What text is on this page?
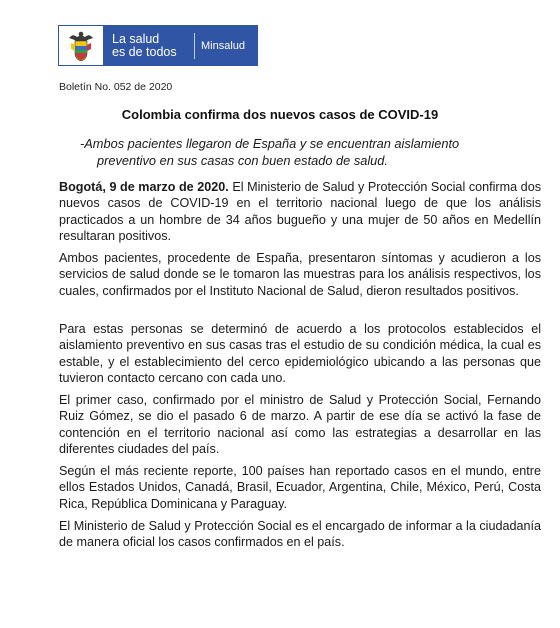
La salud
es de todos	Minsalud
Boletín No. 052 de 2020
Colombia confirma dos nuevos casos de COVID-19
-Ambos pacientes llegaron de España y se encuentran aislamiento
preventivo en sus casas con buen estado de salud.
Bogotá, 9 de marzo de 2020. El Ministerio de Salud y Protección Social confirma dos nuevos casos de COVID-19 en el territorio nacional luego de que los análisis practicados a un hombre de 34 años bugueño y una mujer de 50 años en Medellín resultaran positivos.
Ambos pacientes, procedente de España, presentaron síntomas y acudieron a los servicios de salud donde se le tomaron las muestras para los análisis respectivos, los cuales, confirmados por el Instituto Nacional de Salud, dieron resultados positivos.
Para estas personas se determinó de acuerdo a los protocolos establecidos el aislamiento preventivo en sus casas tras el estudio de su condición médica, la cual es estable, y el establecimiento del cerco epidemiológico ubicando a las personas que tuvieron contacto cercano con cada uno.
El primer caso, confirmado por el ministro de Salud y Protección Social, Fernando Ruiz Gómez, se dio el pasado 6 de marzo. A partir de ese día se activó la fase de contención en el territorio nacional así como las estrategias a desarrollar en las diferentes ciudades del país.
Según el más reciente reporte, 100 países han reportado casos en el mundo, entre ellos Estados Unidos, Canadá, Brasil, Ecuador, Argentina, Chile, México, Perú, Costa Rica, República Dominicana y Paraguay.
El Ministerio de Salud y Protección Social es el encargado de informar a la ciudadanía de manera oficial los casos confirmados en el país.
